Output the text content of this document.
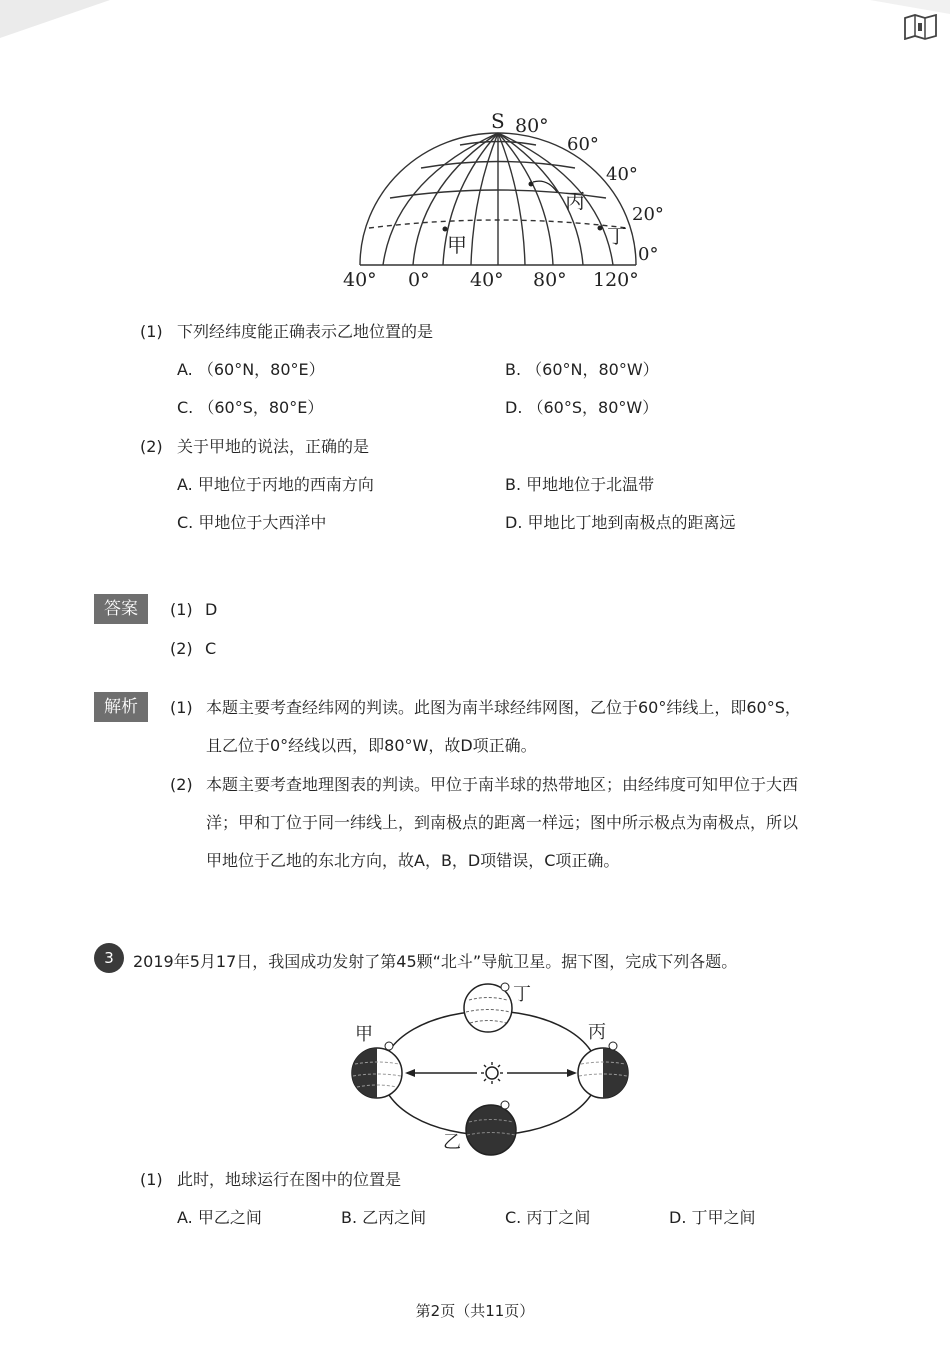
S 80°
60°
40°
20°
0°
40° 0° 40° 80° 120°
甲
丙
丁
(1) 下列经纬度能正确表示乙地位置的是
A. （60°N，80°E）	B. （60°N，80°W）
C. （60°S，80°E）	D. （60°S，80°W）
(2) 关于甲地的说法，正确的是
A. 甲地位于丙地的西南方向	B. 甲地地位于北温带
C. 甲地位于大西洋中	D. 甲地比丁地到南极点的距离远
答案	(1) D
(2) C
解析	(1) 本题主要考查经纬网的判读。此图为南半球经纬网图，乙位于60°纬线上，即60°S，
且乙位于0°经线以西，即80°W，故D项正确。
(2) 本题主要考查地理图表的判读。甲位于南半球的热带地区；由经纬度可知甲位于大西
洋；甲和丁位于同一纬线上，到南极点的距离一样远；图中所示极点为南极点，所以
甲地位于乙地的东北方向，故A，B，D项错误，C项正确。
3	2019年5月17日，我国成功发射了第45颗“北斗”导航卫星。据下图，完成下列各题。
甲
乙
丙
丁
(1) 此时，地球运行在图中的位置是
A. 甲乙之间	B. 乙丙之间	C. 丙丁之间	D. 丁甲之间
第2页（共11页）
